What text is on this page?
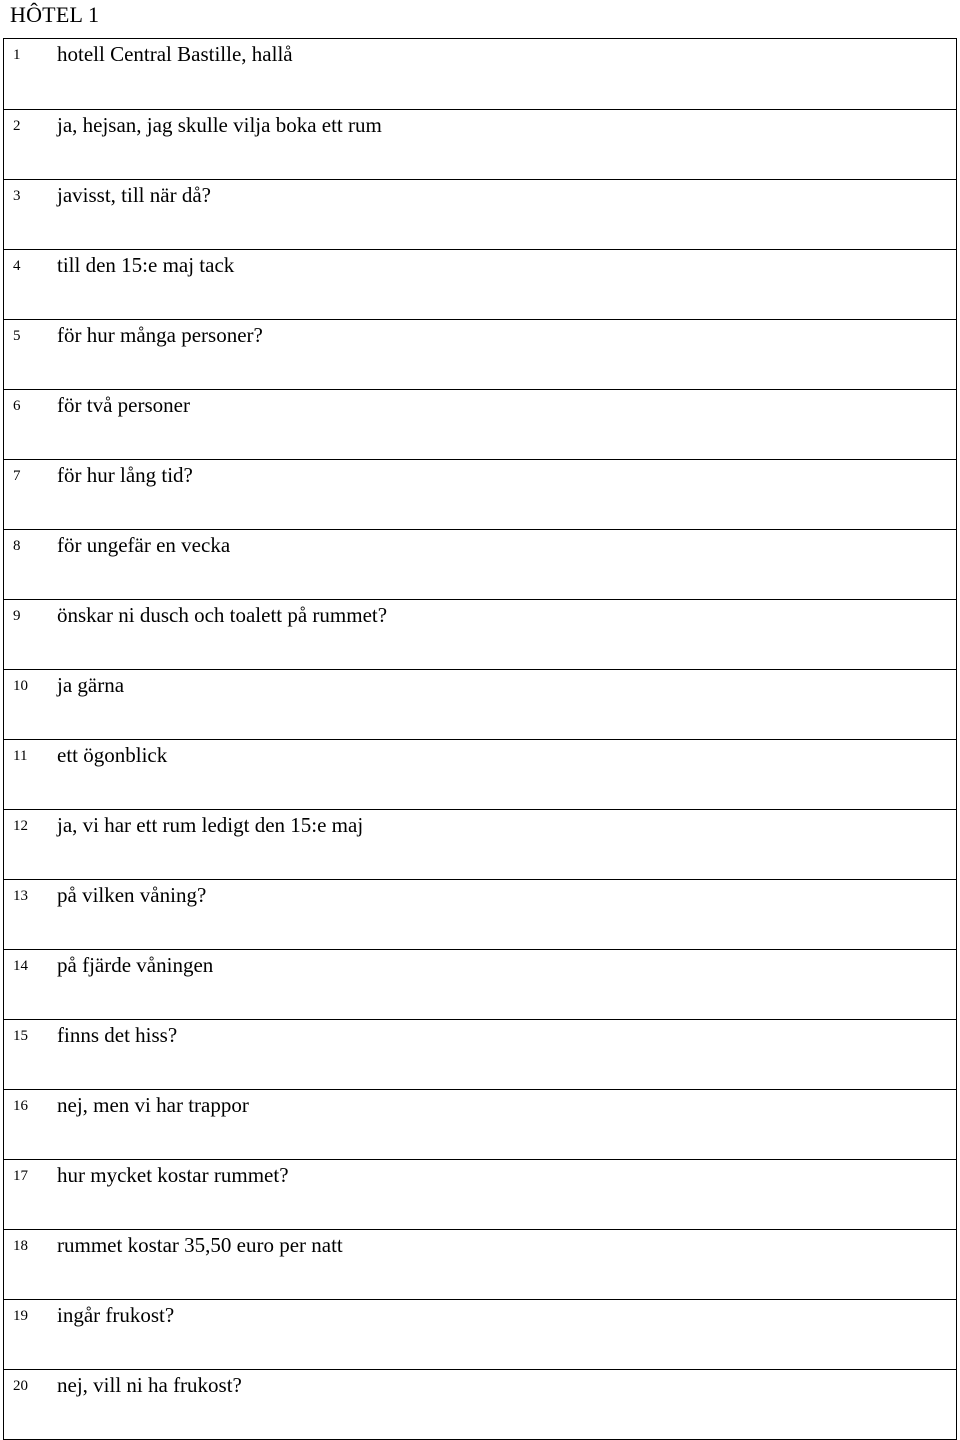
HÔTEL 1
1 hotell Central Bastille, hallå
2 ja, hejsan, jag skulle vilja boka ett rum
3 javisst, till när då?
4 till den 15:e maj tack
5 för hur många personer?
6 för två personer
7 för hur lång tid?
8 för ungefär en vecka
9 önskar ni dusch och toalett på rummet?
10 ja gärna
11 ett ögonblick
12 ja, vi har ett rum ledigt den 15:e maj
13 på vilken våning?
14 på fjärde våningen
15 finns det hiss?
16 nej, men vi har trappor
17 hur mycket kostar rummet?
18 rummet kostar 35,50 euro per natt
19 ingår frukost?
20 nej, vill ni ha frukost?
